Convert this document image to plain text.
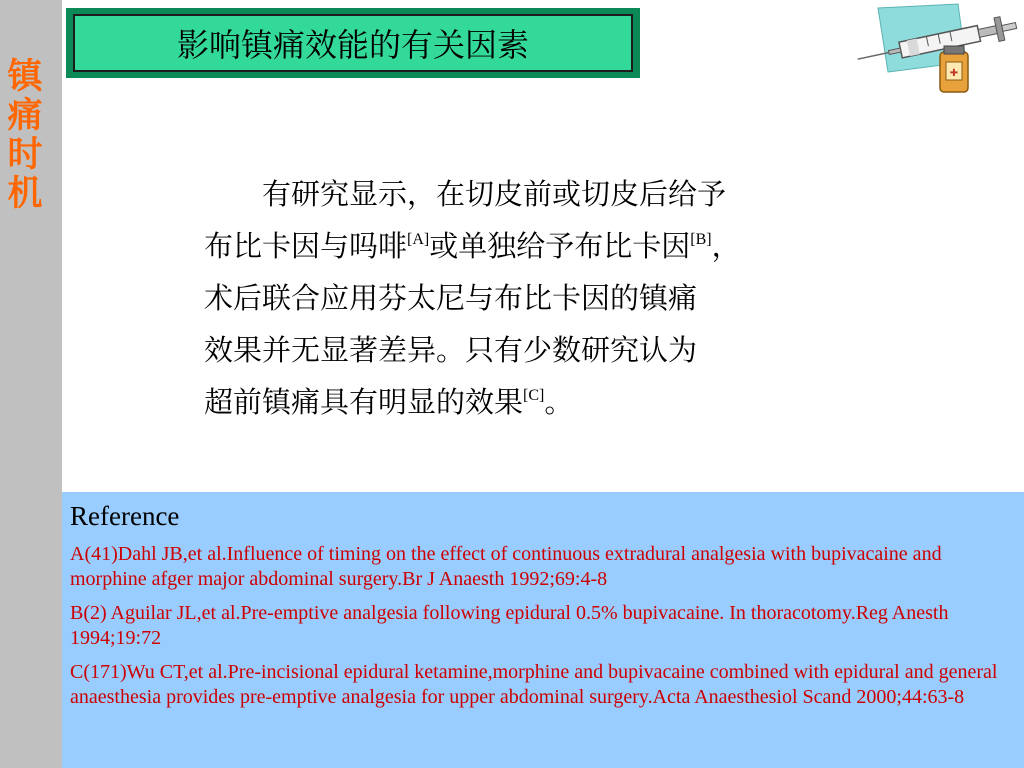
镇
痛
时
机
影响镇痛效能的有关因素
✚
有研究显示，在切皮前或切皮后给予
布比卡因与吗啡[A]或单独给予布比卡因[B]，
术后联合应用芬太尼与布比卡因的镇痛
效果并无显著差异。只有少数研究认为
超前镇痛具有明显的效果[C]。

Reference

A(41)Dahl JB,et al.Influence of timing on the effect of continuous extradural analgesia with bupivacaine and morphine afger major abdominal surgery.Br J Anaesth 1992;69:4-8

B(2) Aguilar JL,et al.Pre-emptive analgesia following epidural 0.5% bupivacaine. In thoracotomy.Reg Anesth 1994;19:72

C(171)Wu CT,et al.Pre-incisional epidural ketamine,morphine and bupivacaine combined with epidural and general anaesthesia provides pre-emptive analgesia for upper abdominal surgery.Acta Anaesthesiol Scand 2000;44:63-8
